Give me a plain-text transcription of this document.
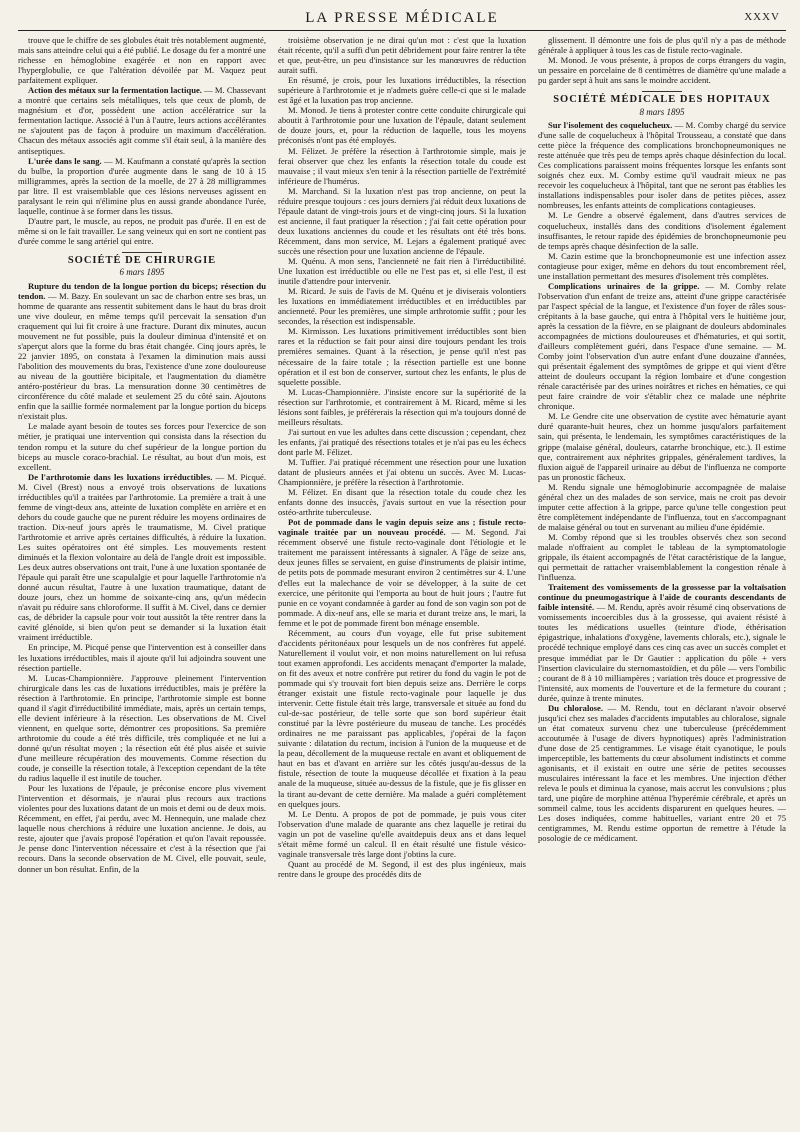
LA PRESSE MÉDICALE	XXXV

trouve que le chiffre de ses globules était très notablement augmenté, mais sans atteindre celui qui a été publié. Le dosage du fer a montré une richesse en hémoglobine exagérée et non en rapport avec l'hyperglobulie, ce que l'altération dévoilée par M. Vaquez peut parfaitement expliquer.

Action des métaux sur la fermentation lactique. — M. Chassevant a montré que certains sels métalliques, tels que ceux de plomb, de magnésium et d'or, possèdent une action accélératrice sur la fermentation lactique. Associé à l'un à l'autre, leurs actions accélérantes ne s'ajoutent pas de façon à produire un maximum d'accélération. Chacun des métaux associés agit comme s'il était seul, à la manière des antiseptiques.

L'urée dans le sang. — M. Kaufmann a constaté qu'après la section du bulbe, la proportion d'urée augmente dans le sang de 10 à 15 milligrammes, après la section de la moelle, de 27 à 28 milligrammes par litre. Il est vraisemblable que ces lésions nerveuses agissent en paralysant le rein qui n'élimine plus en aussi grande abondance l'urée, laquelle, continue à se former dans les tissus.

D'autre part, le muscle, au repos, ne produit pas d'urée. Il en est de même si on le fait travailler. Le sang veineux qui en sort ne contient pas d'urée comme le sang artériel qui entre.

SOCIÉTÉ DE CHIRURGIE
6 mars 1895

Rupture du tendon de la longue portion du biceps; résection du tendon. — M. Bazy. En soulevant un sac de charbon entre ses bras, un homme de quarante ans ressentit subitement dans le haut du bras droit une vive douleur, en même temps qu'il percevait la sensation d'un craquement qui lui fit croire à une fracture. Durant dix minutes, aucun mouvement ne fut possible, puis la douleur diminua d'intensité et on s'aperçut alors que la forme du bras était changée. Cinq jours après, le 22 janvier 1895, on constata à l'examen la diminution mais aussi l'abolition des mouvements du bras, l'existence d'une zone douloureuse au niveau de la gouttière bicipitale, et l'augmentation du diamètre antéro-postérieur du bras. La mensuration donne 30 centimètres de circonférence du côté malade et seulement 25 du côté sain. Ajoutons enfin que la saillie formée normalement par la longue portion du biceps n'existait plus.

Le malade ayant besoin de toutes ses forces pour l'exercice de son métier, je pratiquai une intervention qui consista dans la résection du tendon rompu et la suture du chef supérieur de la longue portion du biceps au muscle coraco-brachial. Le résultat, au bout d'un mois, est excellent.

De l'arthrotomie dans les luxations irréductibles. — M. Picqué. M. Civel (Brest) nous a envoyé trois observations de luxations irréductibles qu'il a traitées par l'arthrotomie. La première a trait à une femme de vingt-deux ans, atteinte de luxation complète en arrière et en dehors du coude gauche que ne purent réduire les moyens ordinaires de traction. Dix-neuf jours après le traumatisme, M. Civel pratique l'arthrotomie et arrive après certaines difficultés, à réduire la luxation. Les suites opératoires ont été simples. Les mouvements restent diminués et la flexion volontaire au delà de l'angle droit est impossible. Les deux autres observations ont trait, l'une à une luxation spontanée de l'épaule qui paraît être une scapulalgie et pour laquelle l'arthrotomie n'a donné aucun résultat, l'autre à une luxation traumatique, datant de douze jours, chez un homme de soixante-cinq ans, qu'un médecin n'avait pu réduire sans chloroforme. Il suffit à M. Civel, dans ce dernier cas, de débrider la capsule pour voir tout aussitôt la tête rentrer dans la cavité glénoïde, si bien qu'on peut se demander si la luxation était vraiment irréductible.

En principe, M. Picqué pense que l'intervention est à conseiller dans les luxations irréductibles, mais il ajoute qu'il lui adjoindra souvent une résection partielle.

M. Lucas-Championnière. J'approuve pleinement l'intervention chirurgicale dans les cas de luxations irréductibles, mais je préfère la résection à l'arthrotomie. En principe, l'arthrotomie simple est bonne quand il s'agit d'irréductibilité immédiate, mais, après un certain temps, elle devient inférieure à la résection. Les observations de M. Civel viennent, en quelque sorte, démontrer ces propositions. Sa première arthrotomie du coude a été très difficile, très compliquée et ne lui a donné qu'un résultat moyen ; la résection eût été plus aisée et suivie d'une meilleure récupération des mouvements. Comme résection du coude, je conseille la résection totale, à l'exception cependant de la tête du radius laquelle il est inutile de toucher.

Pour les luxations de l'épaule, je préconise encore plus vivement l'intervention et désormais, je n'aurai plus recours aux tractions violentes pour des luxations datant de un mois et demi ou de deux mois. Récemment, en effet, j'ai perdu, avec M. Hennequin, une malade chez laquelle nous cherchions à réduire une luxation ancienne. Je dois, au reste, ajouter que j'avais proposé l'opération et qu'on l'avait repoussée. Je pense donc l'intervention nécessaire et c'est à la résection que j'ai recours. Dans la seconde observation de M. Civel, elle pouvait, seule, donner un bon résultat. Enfin, de la

troisième observation je ne dirai qu'un mot : c'est que la luxation était récente, qu'il a suffi d'un petit débridement pour faire rentrer la tête et que, peut-être, un peu d'insistance sur les manœuvres de réduction aurait suffi.

En résumé, je crois, pour les luxations irréductibles, la résection supérieure à l'arthrotomie et je n'admets guère celle-ci que si le malade est âgé et la luxation pas trop ancienne.

M. Monod. Je tiens à protester contre cette conduite chirurgicale qui aboutit à l'arthrotomie pour une luxation de l'épaule, datant seulement de douze jours, et, pour la réduction de laquelle, tous les moyens préconisés n'ont pas été employés.

M. Félizet. Je préfère la résection à l'arthrotomie simple, mais je ferai observer que chez les enfants la résection totale du coude est mauvaise ; il vaut mieux s'en tenir à la résection partielle de l'extrémité inférieure de l'humérus.

M. Marchand. Si la luxation n'est pas trop ancienne, on peut la réduire presque toujours : ces jours derniers j'ai réduit deux luxations de l'épaule datant de vingt-trois jours et de vingt-cinq jours. Si la luxation est ancienne, il faut pratiquer la résection ; j'ai fait cette opération pour deux luxations anciennes du coude et les résultats ont été très bons. Récemment, dans mon service, M. Lejars a également pratiqué avec succès une résection pour une luxation ancienne de l'épaule.

M. Quénu. A mon sens, l'ancienneté ne fait rien à l'irréductibilité. Une luxation est irréductible ou elle ne l'est pas et, si elle l'est, il est inutile d'attendre pour intervenir.

M. Ricard. Je suis de l'avis de M. Quénu et je diviserais volontiers les luxations en immédiatement irréductibles et en irréductibles par ancienneté. Pour les premières, une simple arthrotomie suffit ; pour les secondes, la résection est indispensable.

M. Kirmisson. Les luxations primitivement irréductibles sont bien rares et la réduction se fait pour ainsi dire toujours pendant les trois premières semaines. Quant à la résection, je pense qu'il n'est pas nécessaire de la faire totale ; la résection partielle est une bonne opération et il est bon de conserver, surtout chez les enfants, le plus de squelette possible.

M. Lucas-Championnière. J'insiste encore sur la supériorité de la résection sur l'arthrotomie, et contrairement à M. Ricard, même si les lésions sont faibles, je préférerais la résection qui m'a toujours donné de meilleurs résultats.

J'ai surtout en vue les adultes dans cette discussion ; cependant, chez les enfants, j'ai pratiqué des résections totales et je n'ai pas eu les échecs dont parle M. Félizet.

M. Tuffier. J'ai pratiqué récemment une résection pour une luxation datant de plusieurs années et j'ai obtenu un succès. Avec M. Lucas-Championnière, je préfère la résection à l'arthrotomie.

M. Félizet. En disant que la résection totale du coude chez les enfants donne des insuccès, j'avais surtout en vue la résection pour ostéo-arthrite tuberculeuse.

Pot de pommade dans le vagin depuis seize ans ; fistule recto-vaginale traitée par un nouveau procédé. — M. Segond. J'ai récemment observé une fistule recto-vaginale dont l'étiologie et le traitement me paraissent intéressants à signaler. A l'âge de seize ans, deux jeunes filles se servaient, en guise d'instruments de plaisir intime, de petits pots de pommade mesurant environ 2 centimètres sur 4. L'une d'elles eut la malechance de voir se développer, à la suite de cet exercice, une péritonite qui l'emporta au bout de huit jours ; l'autre fut punie en ce voyant condamnée à garder au fond de son vagin son pot de pommade. A dix-neuf ans, elle se maria et durant treize ans, le mari, la femme et le pot de pommade firent bon ménage ensemble.

Récemment, au cours d'un voyage, elle fut prise subitement d'accidents péritonéaux pour lesquels un de nos confrères fut appelé. Naturellement il voulut voir, et non moins naturellement on lui refusa tout examen approfondi. Les accidents menaçant d'emporter la malade, on fit des aveux et notre confrère put retirer du fond du vagin le pot de pommade qui s'y trouvait fort bien depuis seize ans. Derrière le corps étranger existait une fistule recto-vaginale pour laquelle je dus intervenir. Cette fistule était très large, transversale et située au fond du cul-de-sac postérieur, de telle sorte que son bord supérieur était constitué par la lèvre postérieure du museau de tanche. Les procédés ordinaires ne me paraissant pas applicables, j'opérai de la façon suivante : dilatation du rectum, incision à l'union de la muqueuse et de la peau, décollement de la muqueuse rectale en avant et obliquement de haut en bas et d'avant en arrière sur les côtés jusqu'au-dessus de la fistule, résection de toute la muqueuse décollée et fixation à la peau anale de la muqueuse, située au-dessus de la fistule, que je fis glisser en la tirant au-devant de cette dernière. Ma malade a guéri complètement en quelques jours.

M. Le Dentu. A propos de pot de pommade, je puis vous citer l'observation d'une malade de quarante ans chez laquelle je retirai du vagin un pot de vaseline qu'elle avaitdepuis deux ans et dans lequel s'était même formé un calcul. Il en était résulté une fistule vésico-vaginale transversale très large dont j'obtins la cure.

Quant au procédé de M. Segond, il est des plus ingénieux, mais rentre dans le groupe des procédés dits de

glissement. Il démontre une fois de plus qu'il n'y a pas de méthode générale à appliquer à tous les cas de fistule recto-vaginale.

M. Monod. Je vous présente, à propos de corps étrangers du vagin, un pessaire en porcelaine de 8 centimètres de diamètre qu'une malade a pu garder sept à huit ans sans le moindre accident.

SOCIÉTÉ MÉDICALE DES HOPITAUX
8 mars 1895

Sur l'isolement des coquelucheux. — M. Comby chargé du service d'une salle de coquelucheux à l'hôpital Trousseau, a constaté que dans cette pièce la fréquence des complications bronchopneumoniques ne reste atténuée que très peu de temps après chaque désinfection du local. Ces complications paraissent moins fréquentes lorsque les enfants sont soignés chez eux. M. Comby estime qu'il vaudrait mieux ne pas recevoir les coquelucheux à l'hôpital, tant que ne seront pas établies les installations indispensables pour isoler dans de petites pièces, assez nombreuses, les enfants atteints de complications contagieuses.

M. Le Gendre a observé également, dans d'autres services de coquelucheux, installés dans des conditions d'isolement également insuffisantes, le retour rapide des épidémies de bronchopneumonie peu de temps après chaque désinfection de la salle.

M. Cazin estime que la bronchopneumonie est une infection assez contagieuse pour exiger, même en dehors du tout encombrement réel, une installation permettant des mesures d'isolement très complètes.

Complications urinaires de la grippe. — M. Comby relate l'observation d'un enfant de treize ans, atteint d'une grippe caractérisée par l'aspect spécial de la langue, et l'existence d'un foyer de râles sous-crépitants à la base gauche, qui entra à l'hôpital vers le huitième jour, après la cessation de la fièvre, en se plaignant de douleurs abdominales accompagnées de mictions douloureuses et d'hématuries, et qui sortit, d'ailleurs complètement guéri, dans l'espace d'une semaine. — M. Comby joint l'observation d'un autre enfant d'une douzaine d'années, qui présentait également des symptômes de grippe et qui vient d'être atteint de douleurs occupant la région lombaire et d'une congestion rénale caractérisée par des urines noirâtres et riches en hématies, ce qui peut faire craindre de voir s'établir chez ce malade une néphrite chronique.

M. Le Gendre cite une observation de cystite avec hématurie ayant duré quarante-huit heures, chez un homme jusqu'alors parfaitement sain, qui présenta, le lendemain, les symptômes caractéristiques de la grippe (malaise général, douleurs, catarrhe bronchique, etc.). Il estime que, contrairement aux néphrites grippales, généralement tardives, la fluxion aiguë de l'appareil urinaire au début de l'influenza ne comporte pas un pronostic fâcheux.

M. Rendu signale une hémoglobinurie accompagnée de malaise général chez un des malades de son service, mais ne croit pas devoir imputer cette affection à la grippe, parce qu'une telle congestion peut être complètement indépendante de l'influenza, tout en s'accompagnant de malaise général ou tout en survenant au milieu d'une épidémie.

M. Comby répond que si les troubles observés chez son second malade n'offraient au complet le tableau de la symptomatologie grippale, ils étaient accompagnés de l'état caractéristique de la langue, qui permettait de rattacher vraisemblablement la congestion rénale à l'influenza.

Traitement des vomissements de la grossesse par la voltaïsation continue du pneumogastrique à l'aide de courants descendants de faible intensité. — M. Rendu, après avoir résumé cinq observations de vomissements incoercibles dus à la grossesse, qui avaient résisté à toutes les médications usuelles (teinture d'iode, éthérisation épigastrique, inhalations d'oxygène, lavements chlorals, etc.), signale le procédé technique employé dans ces cinq cas avec un succès complet et presque immédiat par le Dr Gautier : application du pôle + vers l'insertion claviculaire du sternomastoïdien, et du pôle — vers l'ombilic ; courant de 8 à 10 milliampères ; variation très douce et progressive de l'intensité, aux moments de l'ouverture et de la fermeture du courant ; durée, quinze à trente minutes.

Du chloralose. — M. Rendu, tout en déclarant n'avoir observé jusqu'ici chez ses malades d'accidents imputables au chloralose, signale un état comateux survenu chez une tuberculeuse (précédemment accoutumée à l'usage de divers hypnotiques) après l'administration d'une dose de 25 centigrammes. Le visage était cyanotique, le pouls imperceptible, les battements du cœur absolument indistincts et comme agonisants, et il existait en outre une série de petites secousses musculaires intéressant la face et les membres. Une injection d'éther releva le pouls et diminua la cyanose, mais accrut les convulsions ; plus tard, une piqûre de morphine atténua l'hyperémie cérébrale, et après un sommeil calme, tous les accidents disparurent en quelques heures. — Les doses indiquées, comme habituelles, variant entre 20 et 75 centigrammes, M. Rendu estime opportun de remettre à l'étude la posologie de ce médicament.
